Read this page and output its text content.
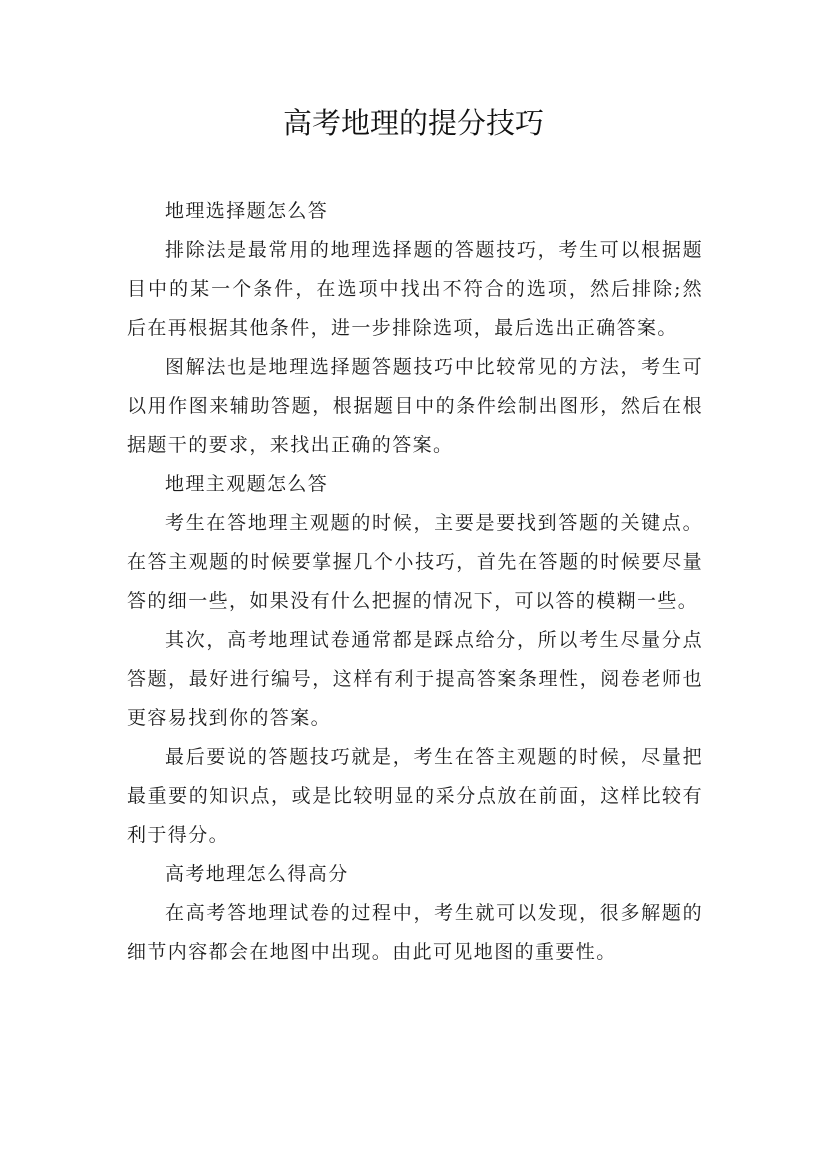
高考地理的提分技巧

地理选择题怎么答

排除法是最常用的地理选择题的答题技巧，考生可以根据题目中的某一个条件，在选项中找出不符合的选项，然后排除;然后在再根据其他条件，进一步排除选项，最后选出正确答案。

图解法也是地理选择题答题技巧中比较常见的方法，考生可以用作图来辅助答题，根据题目中的条件绘制出图形，然后在根据题干的要求，来找出正确的答案。

地理主观题怎么答

考生在答地理主观题的时候，主要是要找到答题的关键点。在答主观题的时候要掌握几个小技巧，首先在答题的时候要尽量答的细一些，如果没有什么把握的情况下，可以答的模糊一些。

其次，高考地理试卷通常都是踩点给分，所以考生尽量分点答题，最好进行编号，这样有利于提高答案条理性，阅卷老师也更容易找到你的答案。

最后要说的答题技巧就是，考生在答主观题的时候，尽量把最重要的知识点，或是比较明显的采分点放在前面，这样比较有利于得分。

高考地理怎么得高分

在高考答地理试卷的过程中，考生就可以发现，很多解题的细节内容都会在地图中出现。由此可见地图的重要性。
